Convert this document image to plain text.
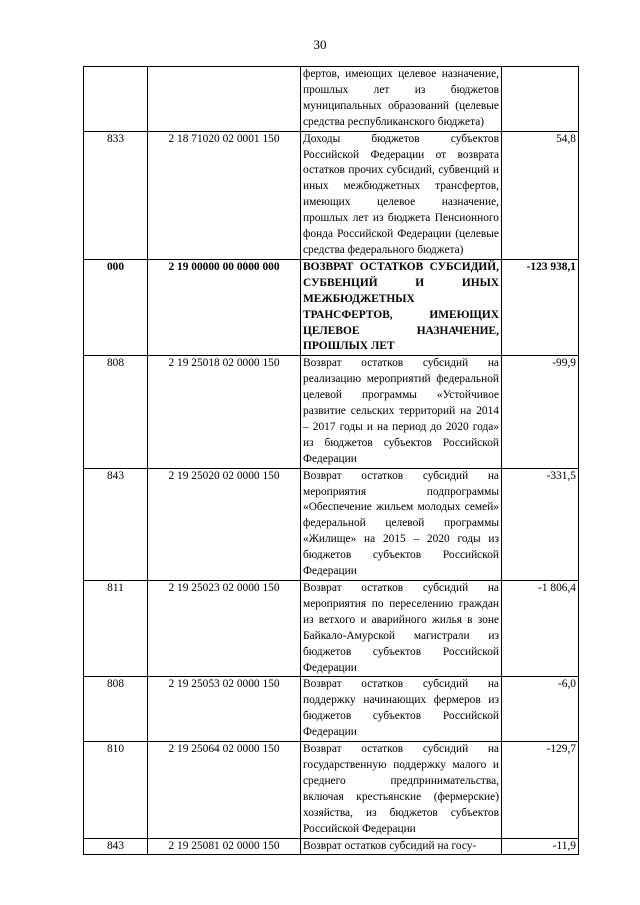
30
		фертов, имеющих целевое назначение, прошлых лет из бюджетов муниципальных образований (целевые средства республиканского бюджета)	
833	2 18 71020 02 0001 150	Доходы бюджетов субъектов Российской Федерации от возврата остатков прочих субсидий, субвенций и иных межбюджетных трансфертов, имеющих целевое назначение, прошлых лет из бюджета Пенсионного фонда Российской Федерации (целевые средства федерального бюджета)	54,8
000	2 19 00000 00 0000 000	ВОЗВРАТ ОСТАТКОВ СУБСИДИЙ, СУБВЕНЦИЙ И ИНЫХ МЕЖБЮДЖЕТНЫХ ТРАНСФЕРТОВ, ИМЕЮЩИХ ЦЕЛЕВОЕ НАЗНАЧЕНИЕ, ПРОШЛЫХ ЛЕТ	-123 938,1
808	2 19 25018 02 0000 150	Возврат остатков субсидий на реализацию мероприятий федеральной целевой программы «Устойчивое развитие сельских территорий на 2014 – 2017 годы и на период до 2020 года» из бюджетов субъектов Российской Федерации	-99,9
843	2 19 25020 02 0000 150	Возврат остатков субсидий на мероприятия подпрограммы «Обеспечение жильем молодых семей» федеральной целевой программы «Жилище» на 2015 – 2020 годы из бюджетов субъектов Российской Федерации	-331,5
811	2 19 25023 02 0000 150	Возврат остатков субсидий на мероприятия по переселению граждан из ветхого и аварийного жилья в зоне Байкало-Амурской магистрали из бюджетов субъектов Российской Федерации	-1 806,4
808	2 19 25053 02 0000 150	Возврат остатков субсидий на поддержку начинающих фермеров из бюджетов субъектов Российской Федерации	-6,0
810	2 19 25064 02 0000 150	Возврат остатков субсидий на государственную поддержку малого и среднего предпринимательства, включая крестьянские (фермерские) хозяйства, из бюджетов субъектов Российской Федерации	-129,7
843	2 19 25081 02 0000 150	Возврат остатков субсидий на госу-	-11,9
